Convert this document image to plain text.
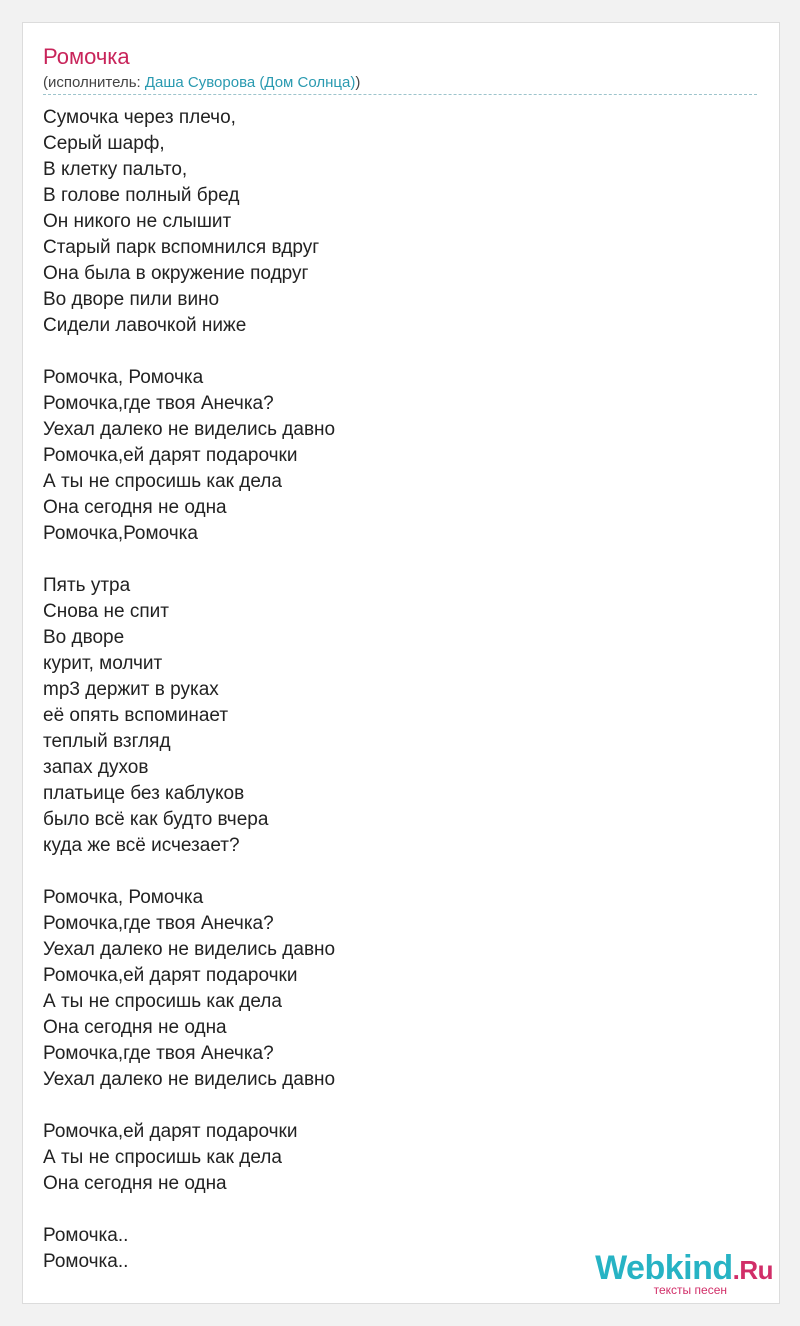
Ромочка
(исполнитель: Даша Суворова (Дом Солнца))
Сумочка через плечо,
Серый шарф,
В клетку пальто,
В голове полный бред
Он никого не слышит
Старый парк вспомнился вдруг
Она была в окружение подруг
Во дворе пили вино
Сидели лавочкой ниже
Ромочка, Ромочка
Ромочка,где твоя Анечка?
Уехал далеко не виделись давно
Ромочка,ей дарят подарочки
А ты не спросишь как дела
Она сегодня не одна
Ромочка,Ромочка
Пять утра
Снова не спит
Во дворе
курит, молчит
mp3 держит в руках
её опять вспоминает
теплый взгляд
запах духов
платьице без каблуков
было всё как будто вчера
куда же всё исчезает?
Ромочка, Ромочка
Ромочка,где твоя Анечка?
Уехал далеко не виделись давно
Ромочка,ей дарят подарочки
А ты не спросишь как дела
Она сегодня не одна
Ромочка,где твоя Анечка?
Уехал далеко не виделись давно
Ромочка,ей дарят подарочки
А ты не спросишь как дела
Она сегодня не одна
Ромочка..
Ромочка..	Webkind.Ru
тексты песен
